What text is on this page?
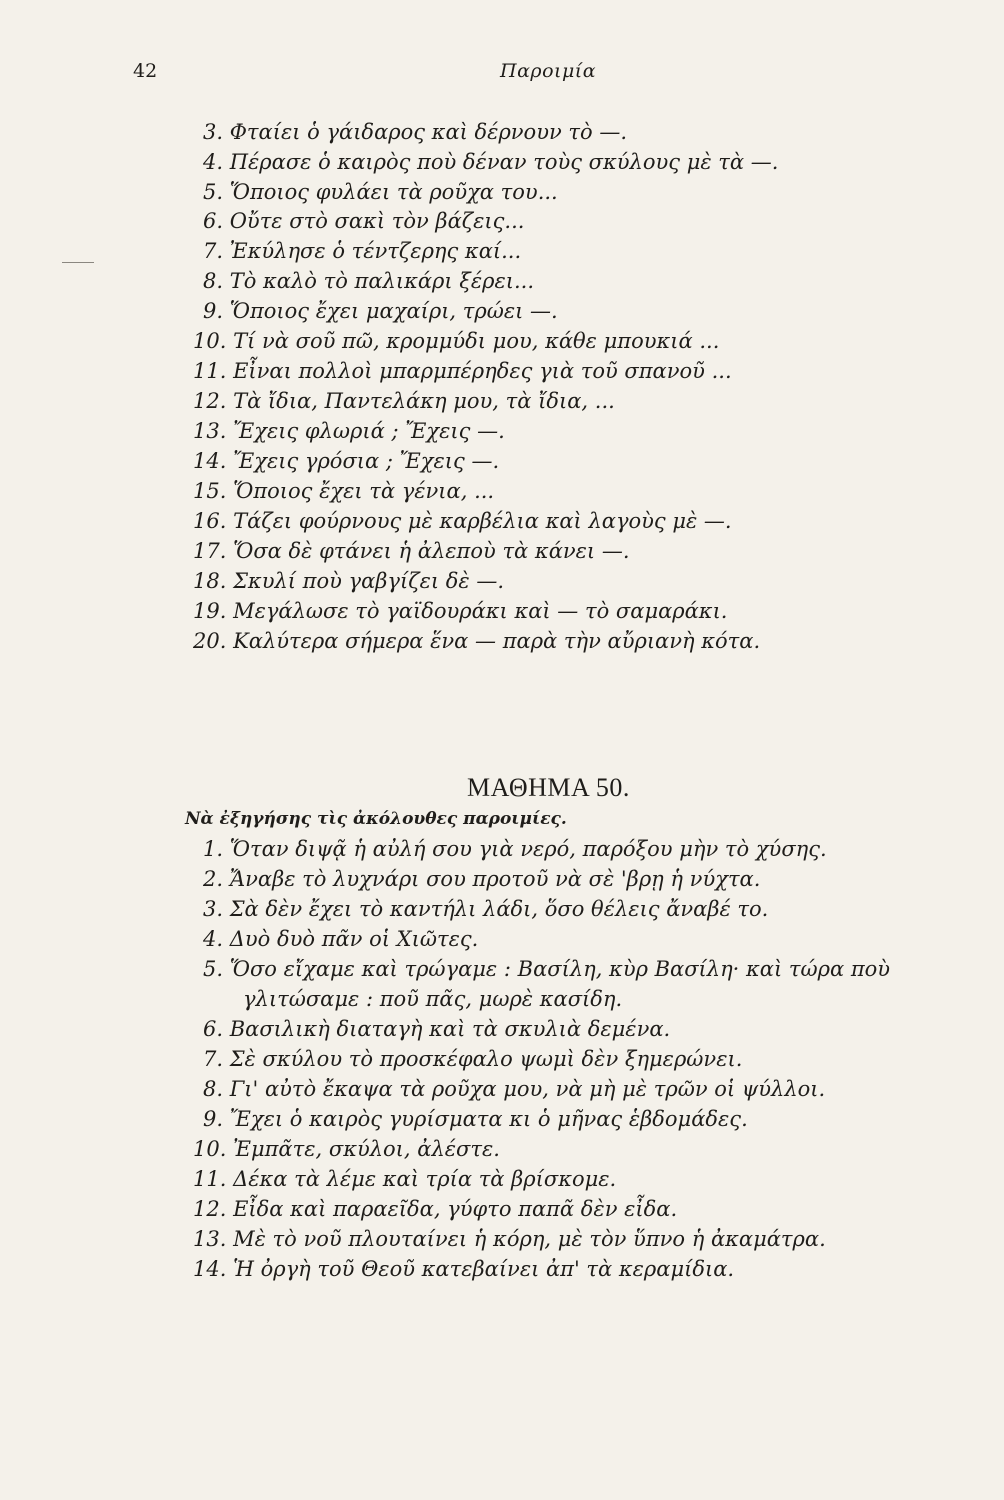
42	Παροιμία
3. Φταίει ὁ γάιδαρος καὶ δέρνουν τὸ —.
4. Πέρασε ὁ καιρὸς ποὺ δέναν τοὺς σκύλους μὲ τὰ —.
5. Ὅποιος φυλάει τὰ ροῦχα του...
6. Οὔτε στὸ σακὶ τὸν βάζεις...
7. Ἐκύλησε ὁ τέντζερης καί...
8. Τὸ καλὸ τὸ παλικάρι ξέρει...
9. Ὅποιος ἔχει μαχαίρι, τρώει —.
10. Τί νὰ σοῦ πῶ, κρομμύδι μου, κάθε μπουκιά ...
11. Εἶναι πολλοὶ μπαρμπέρηδες γιὰ τοῦ σπανοῦ ...
12. Τὰ ἴδια, Παντελάκη μου, τὰ ἴδια, ...
13. Ἔχεις φλωριά ; Ἔχεις —.
14. Ἔχεις γρόσια ; Ἔχεις —.
15. Ὅποιος ἔχει τὰ γένια, ...
16. Τάζει φούρνους μὲ καρβέλια καὶ λαγοὺς μὲ —.
17. Ὅσα δὲ φτάνει ἡ ἀλεποὺ τὰ κάνει —.
18. Σκυλί ποὺ γαβγίζει δὲ —.
19. Μεγάλωσε τὸ γαϊδουράκι καὶ — τὸ σαμαράκι.
20. Καλύτερα σήμερα ἕνα — παρὰ τὴν αὔριανὴ κότα.
ΜΑΘΗΜΑ 50.
Νὰ ἐξηγήσης τὶς ἀκόλουθες παροιμίες.
1. Ὅταν διψᾷ ἡ αὐλή σου γιὰ νερό, παρόξου μὴν τὸ χύσης.
2. Ἄναβε τὸ λυχνάρι σου προτοῦ νὰ σὲ 'βρῃ ἡ νύχτα.
3. Σὰ δὲν ἔχει τὸ καντήλι λάδι, ὅσο θέλεις ἄναβέ το.
4. Δυὸ δυὸ πᾶν οἱ Χιῶτες.
5. Ὅσο εἴχαμε καὶ τρώγαμε : Βασίλη, κὺρ Βασίλη· καὶ τώρα ποὺ
γλιτώσαμε : ποῦ πᾶς, μωρὲ κασίδη.
6. Βασιλικὴ διαταγὴ καὶ τὰ σκυλιὰ δεμένα.
7. Σὲ σκύλου τὸ προσκέφαλο ψωμὶ δὲν ξημερώνει.
8. Γι' αὐτὸ ἔκαψα τὰ ροῦχα μου, νὰ μὴ μὲ τρῶν οἱ ψύλλοι.
9. Ἔχει ὁ καιρὸς γυρίσματα κι ὁ μῆνας ἑβδομάδες.
10. Ἐμπᾶτε, σκύλοι, ἀλέστε.
11. Δέκα τὰ λέμε καὶ τρία τὰ βρίσκομε.
12. Εἶδα καὶ παραεῖδα, γύφτο παπᾶ δὲν εἶδα.
13. Μὲ τὸ νοῦ πλουταίνει ἡ κόρη, μὲ τὸν ὕπνο ἡ ἀκαμάτρα.
14. Ἡ ὀργὴ τοῦ Θεοῦ κατεβαίνει ἀπ' τὰ κεραμίδια.
